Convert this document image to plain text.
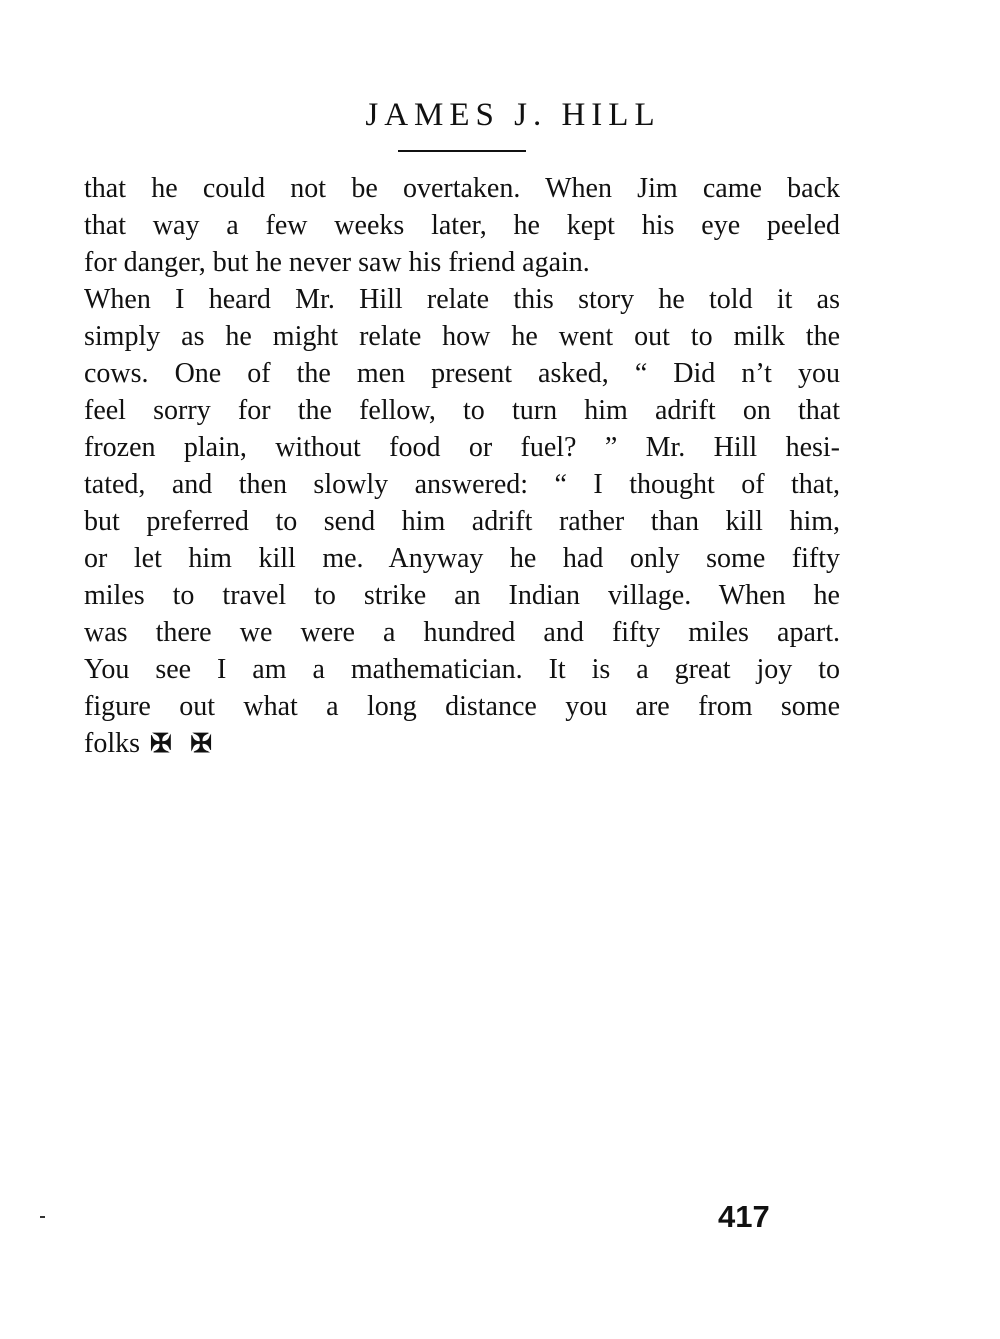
JAMES J. HILL
that he could not be overtaken. When Jim came back
that way a few weeks later, he kept his eye peeled
for danger, but he never saw his friend again.
When I heard Mr. Hill relate this story he told it as
simply as he might relate how he went out to milk the
cows. One of the men present asked, “ Did n’t you
feel sorry for the fellow, to turn him adrift on that
frozen plain, without food or fuel? ” Mr. Hill hesi-
tated, and then slowly answered: “ I thought of that,
but preferred to send him adrift rather than kill him,
or let him kill me. Anyway he had only some fifty
miles to travel to strike an Indian village. When he
was there we were a hundred and fifty miles apart.
You see I am a mathematician. It is a great joy to
figure out what a long distance you are from some
folks ✠ ✠
417
